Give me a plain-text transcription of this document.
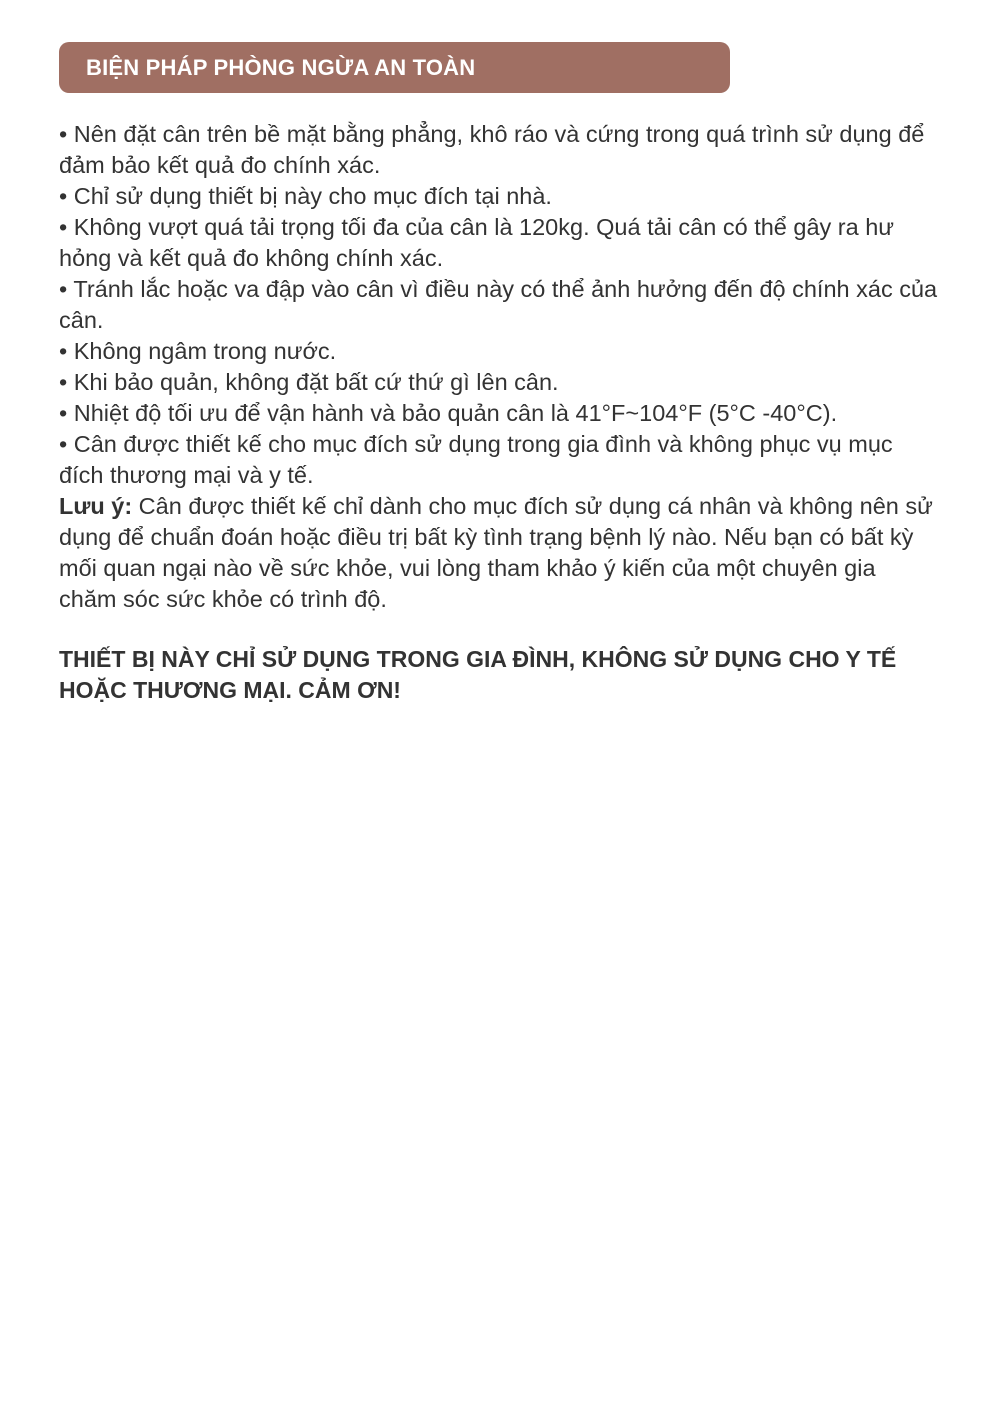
BIỆN PHÁP PHÒNG NGỪA AN TOÀN

• Nên đặt cân trên bề mặt bằng phẳng, khô ráo và cứng trong quá trình sử dụng để

đảm bảo kết quả đo chính xác.

• Chỉ sử dụng thiết bị này cho mục đích tại nhà.

• Không vượt quá tải trọng tối đa của cân là 120kg. Quá tải cân có thể gây ra hư

hỏng và kết quả đo không chính xác.

• Tránh lắc hoặc va đập vào cân vì điều này có thể ảnh hưởng đến độ chính xác của

cân.

• Không ngâm trong nước.

• Khi bảo quản, không đặt bất cứ thứ gì lên cân.

• Nhiệt độ tối ưu để vận hành và bảo quản cân là 41°F~104°F (5°C -40°C).

• Cân được thiết kế cho mục đích sử dụng trong gia đình và không phục vụ mục

đích thương mại và y tế.

Lưu ý: Cân được thiết kế chỉ dành cho mục đích sử dụng cá nhân và không nên sử

dụng để chuẩn đoán hoặc điều trị bất kỳ tình trạng bệnh lý nào. Nếu bạn có bất kỳ

mối quan ngại nào về sức khỏe, vui lòng tham khảo ý kiến của một chuyên gia

chăm sóc sức khỏe có trình độ.

THIẾT BỊ NÀY CHỈ SỬ DỤNG TRONG GIA ĐÌNH, KHÔNG SỬ DỤNG CHO Y TẾ

HOẶC THƯƠNG MẠI. CẢM ƠN!
